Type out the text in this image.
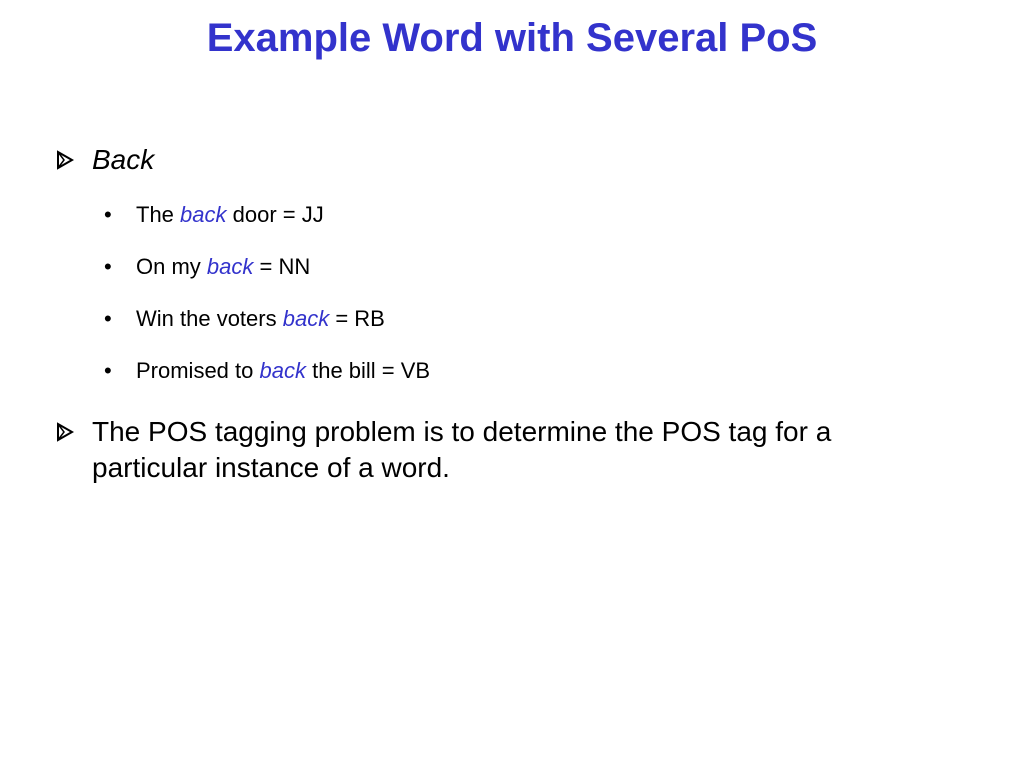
Example Word with Several PoS
Back
•	The back door = JJ
•	On my back = NN
•	Win the voters back = RB
•	Promised to back the bill = VB
The POS tagging problem is to determine the POS tag for a particular instance of a word.
